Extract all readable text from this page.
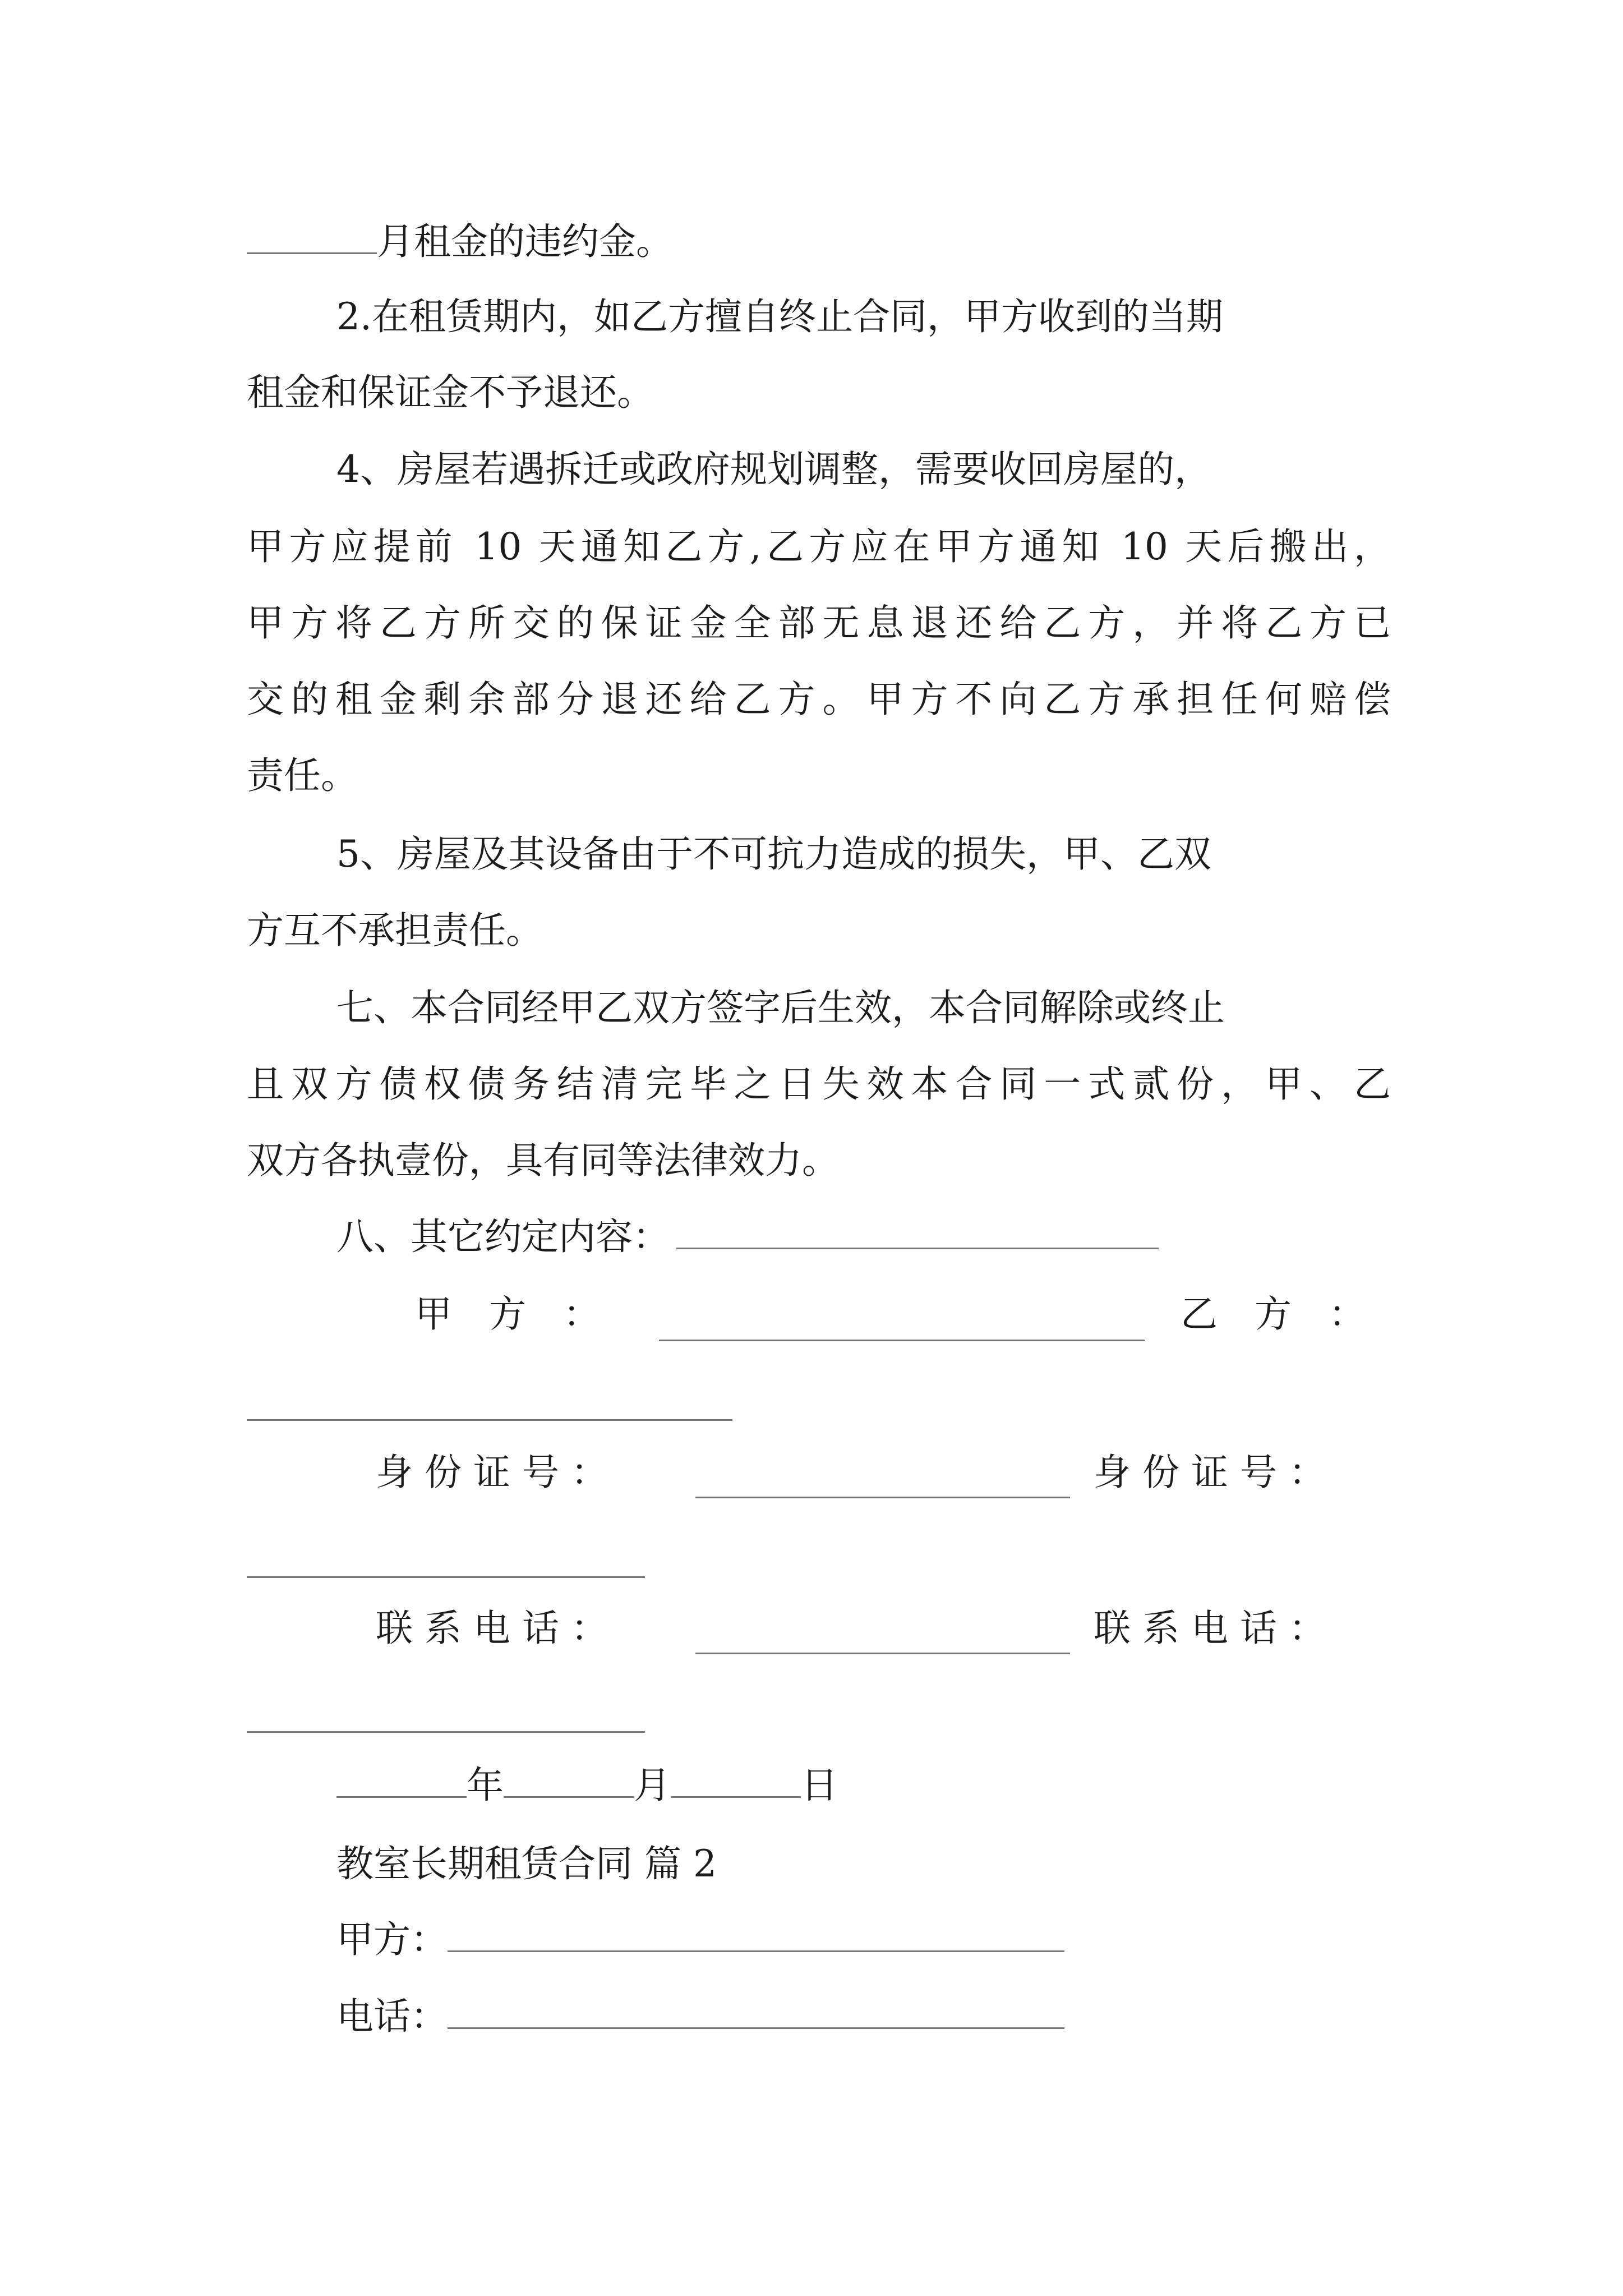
月租金的违约金。
2.在租赁期内，如乙方擅自终止合同，甲方收到的当期
租金和保证金不予退还。
4、房屋若遇拆迁或政府规划调整，需要收回房屋的，
甲方应提前 10 天通知乙方,乙方应在甲方通知 10 天后搬出，
甲方将乙方所交的保证金全部无息退还给乙方，并将乙方已
交的租金剩余部分退还给乙方。甲方不向乙方承担任何赔偿
责任。
5、房屋及其设备由于不可抗力造成的损失，甲、乙双
方互不承担责任。
七、本合同经甲乙双方签字后生效，本合同解除或终止
且双方债权债务结清完毕之日失效本合同一式贰份，甲、乙
双方各执壹份，具有同等法律效力。
八、其它约定内容：
甲　方　：	乙　方　：
身 份 证 号 ：	身 份 证 号 ：
联 系 电 话 ：	联 系 电 话 ：
年	月	日
教室长期租赁合同 篇 2
甲方：
电话：
